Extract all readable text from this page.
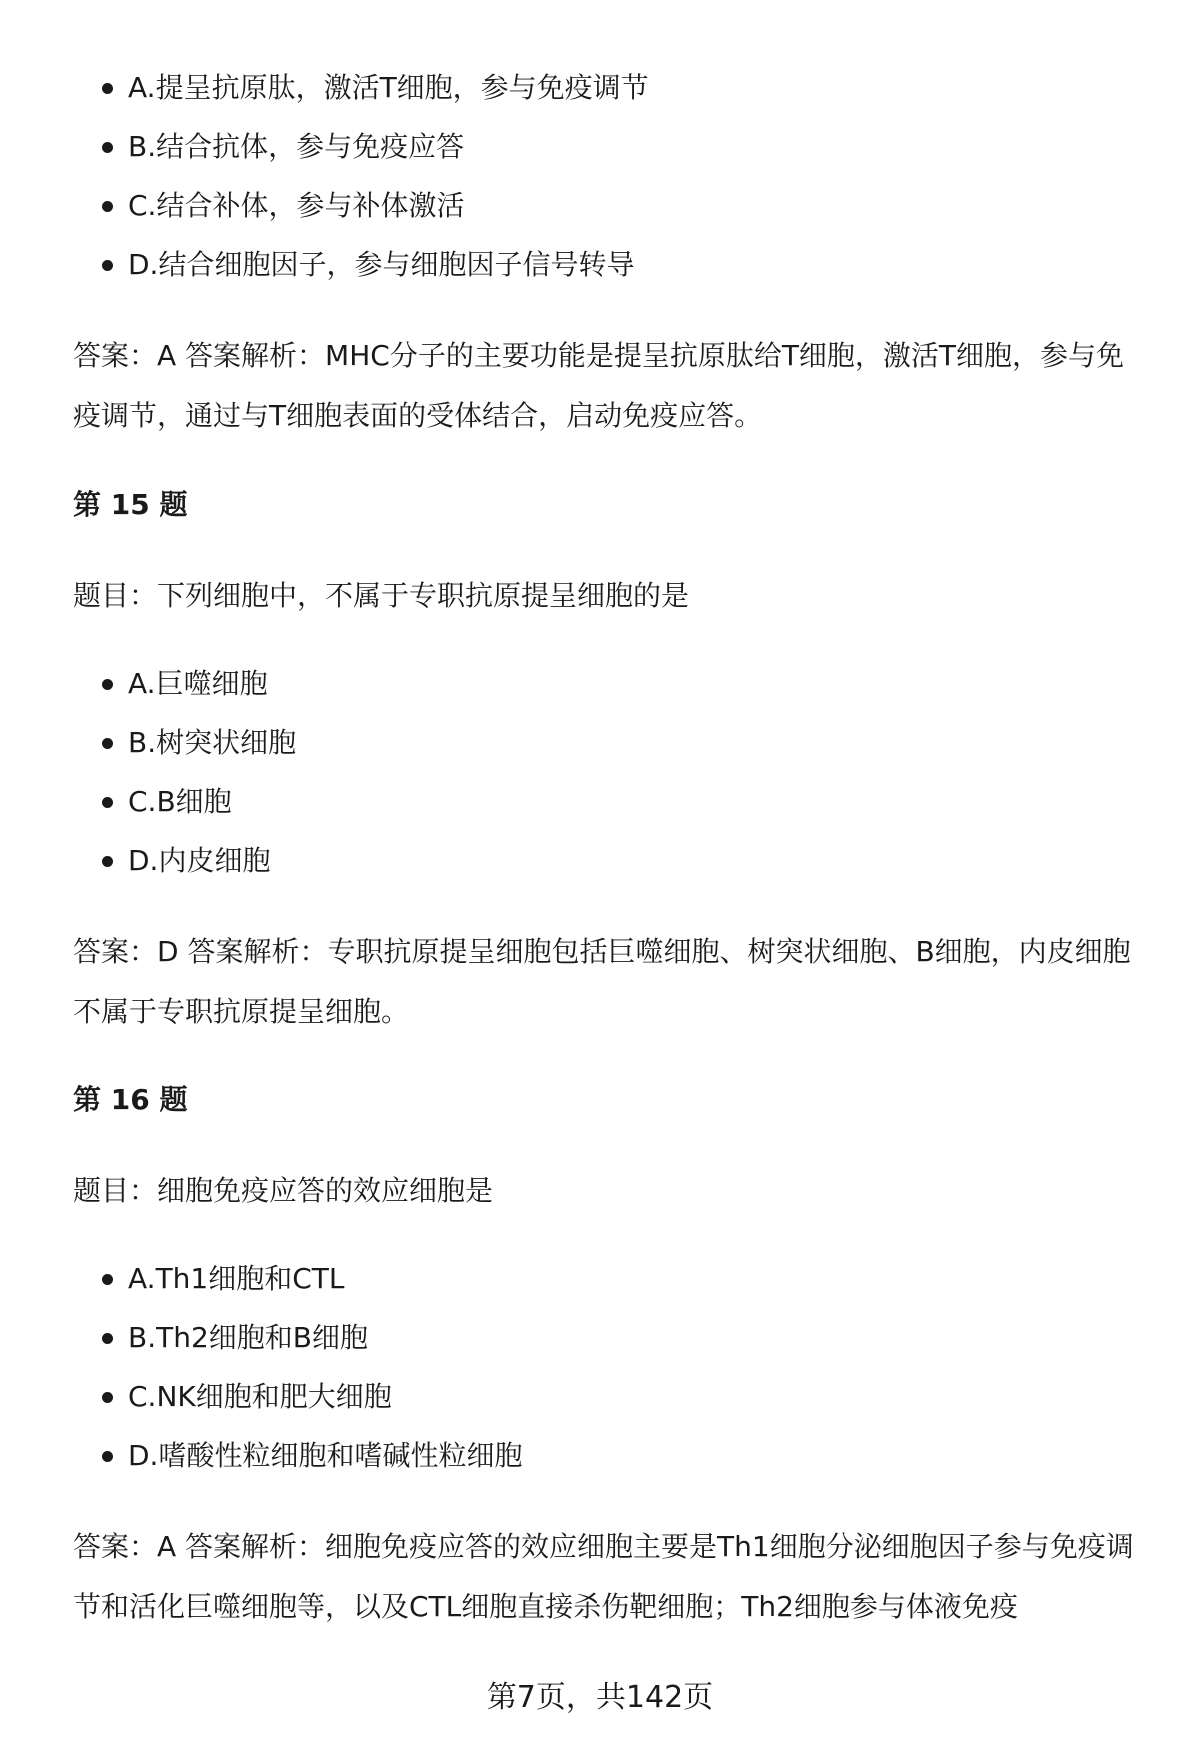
A.提呈抗原肽，激活T细胞，参与免疫调节
B.结合抗体，参与免疫应答
C.结合补体，参与补体激活
D.结合细胞因子，参与细胞因子信号转导
答案：A 答案解析：MHC分子的主要功能是提呈抗原肽给T细胞，激活T细胞，参与免疫调节，通过与T细胞表面的受体结合，启动免疫应答。
第 15 题
题目：下列细胞中，不属于专职抗原提呈细胞的是
A.巨噬细胞
B.树突状细胞
C.B细胞
D.内皮细胞
答案：D 答案解析：专职抗原提呈细胞包括巨噬细胞、树突状细胞、B细胞，内皮细胞不属于专职抗原提呈细胞。
第 16 题
题目：细胞免疫应答的效应细胞是
A.Th1细胞和CTL
B.Th2细胞和B细胞
C.NK细胞和肥大细胞
D.嗜酸性粒细胞和嗜碱性粒细胞
答案：A 答案解析：细胞免疫应答的效应细胞主要是Th1细胞分泌细胞因子参与免疫调节和活化巨噬细胞等，以及CTL细胞直接杀伤靶细胞；Th2细胞参与体液免疫
第7页，共142页
